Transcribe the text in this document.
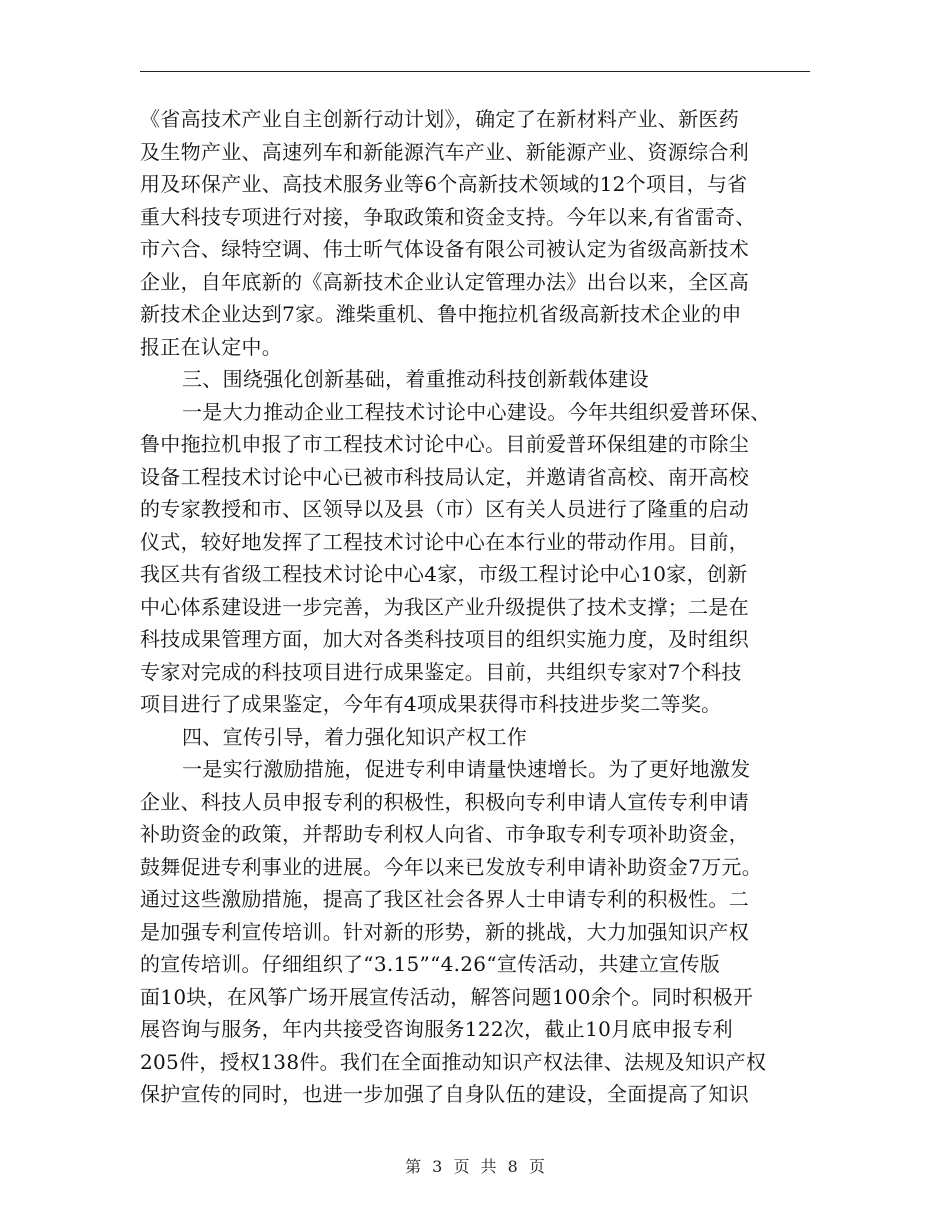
《省高技术产业自主创新行动计划》，确定了在新材料产业、新医药
及生物产业、高速列车和新能源汽车产业、新能源产业、资源综合利
用及环保产业、高技术服务业等6个高新技术领域的12个项目，与省
重大科技专项进行对接，争取政策和资金支持。今年以来,有省雷奇、
市六合、绿特空调、伟士昕气体设备有限公司被认定为省级高新技术
企业，自年底新的《高新技术企业认定管理办法》出台以来，全区高
新技术企业达到7家。潍柴重机、鲁中拖拉机省级高新技术企业的申
报正在认定中。
三、围绕强化创新基础，着重推动科技创新载体建设
一是大力推动企业工程技术讨论中心建设。今年共组织爱普环保、
鲁中拖拉机申报了市工程技术讨论中心。目前爱普环保组建的市除尘
设备工程技术讨论中心已被市科技局认定，并邀请省高校、南开高校
的专家教授和市、区领导以及县（市）区有关人员进行了隆重的启动
仪式，较好地发挥了工程技术讨论中心在本行业的带动作用。目前，
我区共有省级工程技术讨论中心4家，市级工程讨论中心10家，创新
中心体系建设进一步完善，为我区产业升级提供了技术支撑；二是在
科技成果管理方面，加大对各类科技项目的组织实施力度，及时组织
专家对完成的科技项目进行成果鉴定。目前，共组织专家对7个科技
项目进行了成果鉴定，今年有4项成果获得市科技进步奖二等奖。
四、宣传引导，着力强化知识产权工作
一是实行激励措施，促进专利申请量快速增长。为了更好地激发
企业、科技人员申报专利的积极性，积极向专利申请人宣传专利申请
补助资金的政策，并帮助专利权人向省、市争取专利专项补助资金，
鼓舞促进专利事业的进展。今年以来已发放专利申请补助资金7万元。
通过这些激励措施，提高了我区社会各界人士申请专利的积极性。二
是加强专利宣传培训。针对新的形势，新的挑战，大力加强知识产权
的宣传培训。仔细组织了“3.15”“4.26“宣传活动，共建立宣传版
面10块，在风筝广场开展宣传活动，解答问题100余个。同时积极开
展咨询与服务，年内共接受咨询服务122次，截止10月底申报专利
205件，授权138件。我们在全面推动知识产权法律、法规及知识产权
保护宣传的同时，也进一步加强了自身队伍的建设，全面提高了知识
第 3 页 共 8 页
